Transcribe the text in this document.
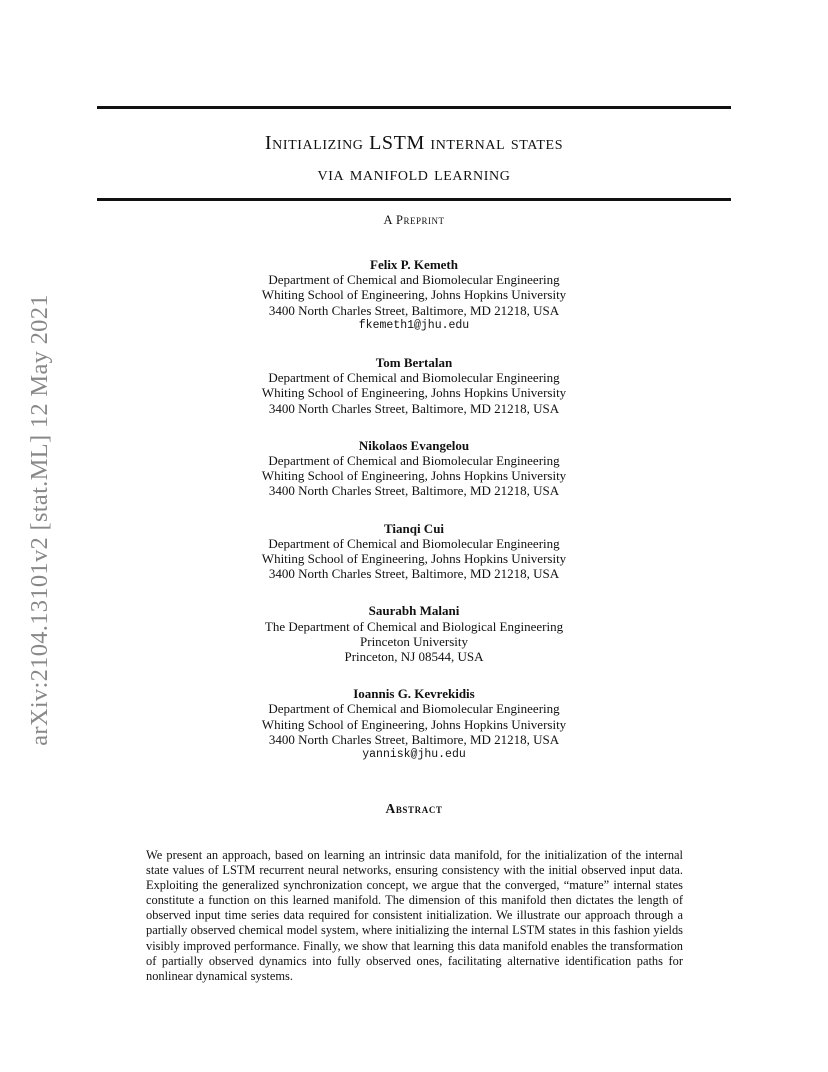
Initializing LSTM internal states
via manifold learning
A Preprint
arXiv:2104.13101v2 [stat.ML] 12 May 2021
Felix P. Kemeth
Department of Chemical and Biomolecular Engineering
Whiting School of Engineering, Johns Hopkins University
3400 North Charles Street, Baltimore, MD 21218, USA
fkemeth1@jhu.edu
Tom Bertalan
Department of Chemical and Biomolecular Engineering
Whiting School of Engineering, Johns Hopkins University
3400 North Charles Street, Baltimore, MD 21218, USA
Nikolaos Evangelou
Department of Chemical and Biomolecular Engineering
Whiting School of Engineering, Johns Hopkins University
3400 North Charles Street, Baltimore, MD 21218, USA
Tianqi Cui
Department of Chemical and Biomolecular Engineering
Whiting School of Engineering, Johns Hopkins University
3400 North Charles Street, Baltimore, MD 21218, USA
Saurabh Malani
The Department of Chemical and Biological Engineering
Princeton University
Princeton, NJ 08544, USA
Ioannis G. Kevrekidis
Department of Chemical and Biomolecular Engineering
Whiting School of Engineering, Johns Hopkins University
3400 North Charles Street, Baltimore, MD 21218, USA
yannisk@jhu.edu
Abstract
We present an approach, based on learning an intrinsic data manifold, for the initialization of the internal state values of LSTM recurrent neural networks, ensuring consistency with the initial observed input data. Exploiting the generalized synchronization concept, we argue that the converged, “mature” internal states constitute a function on this learned manifold. The dimension of this manifold then dictates the length of observed input time series data required for consistent initialization. We illustrate our approach through a partially observed chemical model system, where initializing the internal LSTM states in this fashion yields visibly improved performance. Finally, we show that learning this data manifold enables the transformation of partially observed dynamics into fully observed ones, facilitating alternative identification paths for nonlinear dynamical systems.
